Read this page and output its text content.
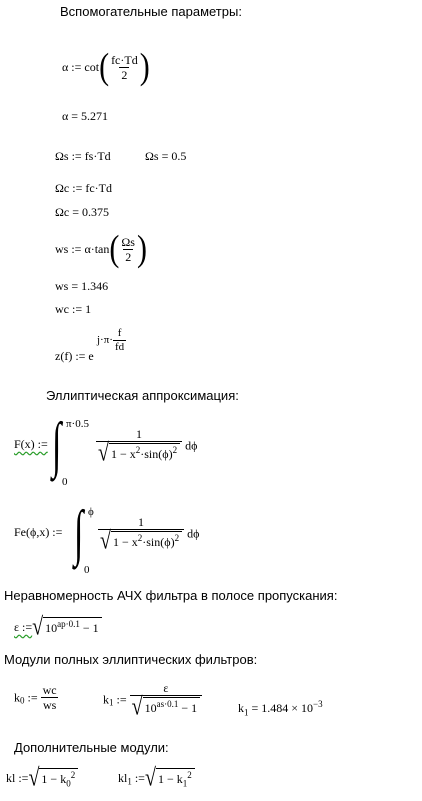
Вспомогательные параметры:
α := $\cot( \frac{fc\cdot Td}{2}$ )
α = 5.271
Ωs := fs·Td	Ωs = 0.5
Ωc := fc·Td
Ωc = 0.375
ws := $\alpha\cdot\tan( \frac{\Omega s}{2}$ )
ws = 1.346
wc := 1
z(f) := e
$j\cdot\pi\cdot \frac{f}{fd}$
Эллиптическая аппроксимация:
F(x) := ∫ π·0.5
0
$\frac{1}{√ 1 - x^2\cdot\sin(\phi)^2}$ dϕ
Fe(ϕ,x) := ∫ ϕ
0
$\frac{1}{√ 1 - x^2\cdot\sin(\phi)^2}$ dϕ
Неравномерность АЧХ фильтра в полосе пропускания:
ε := √ $10^{ap\cdot 0.1} - 1$
Модули полных эллиптических фильтров:
$k_0$ := $\frac{wc}{ws}$	$k_1$ := $\frac{\varepsilon}{√ 10^{as\cdot 0.1} - 1}$	$k_1 = 1.484 \times 10^{-3}$
Дополнительные модули:
kl := √ $1 - k_0^2$	$kl_1$ := √ $1 - k_1^2$
